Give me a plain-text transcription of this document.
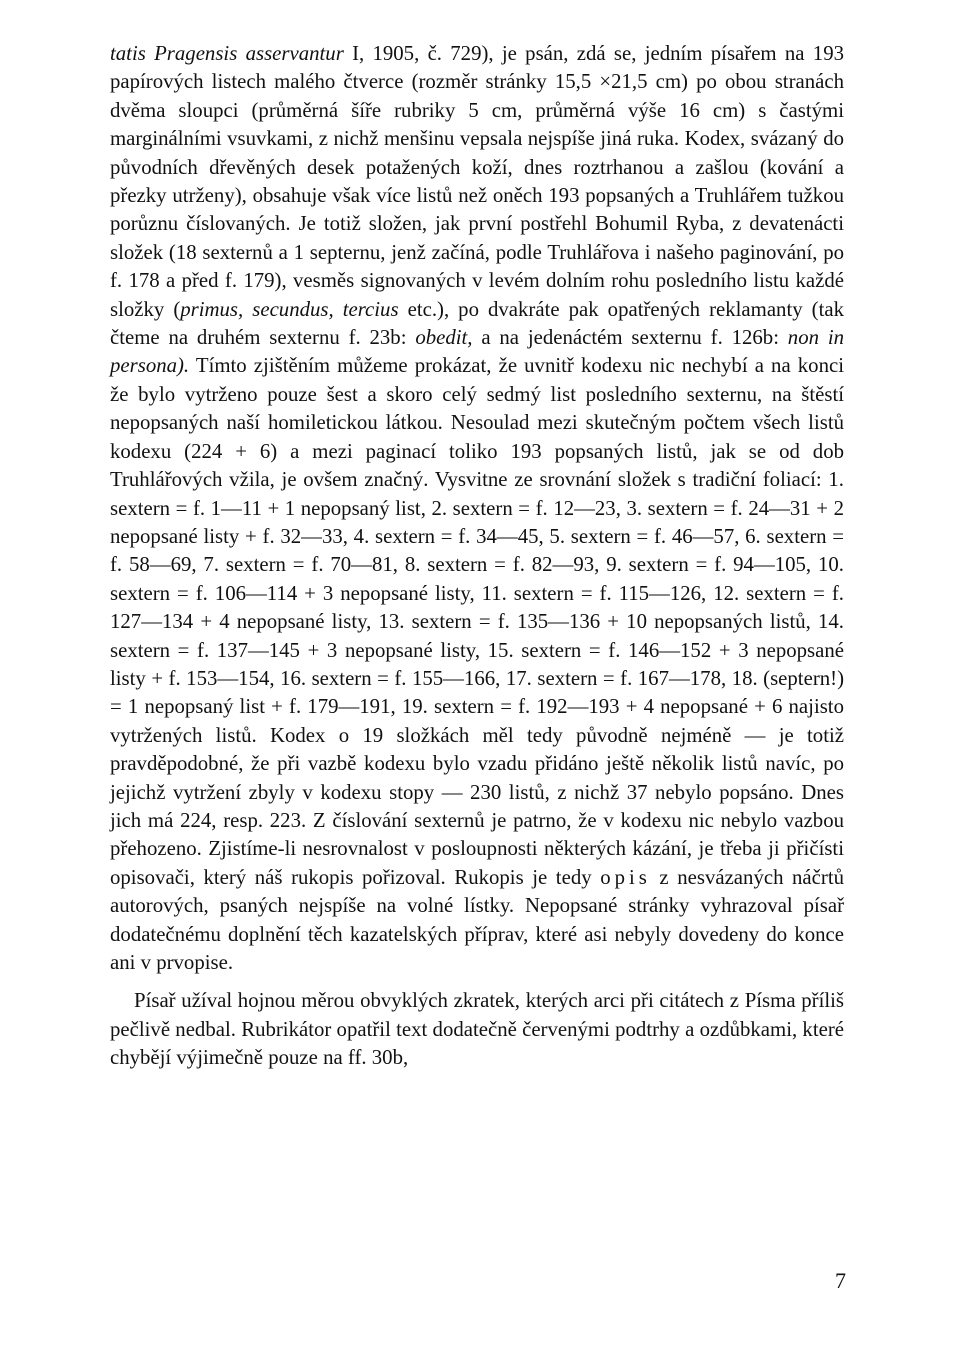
tatis Pragensis asservantur I, 1905, č. 729), je psán, zdá se, jedním písařem na 193 papírových listech malého čtverce (rozměr stránky 15,5 ×21,5 cm) po obou stranách dvěma sloupci (průměrná šíře rubriky 5 cm, průměrná výše 16 cm) s častými marginálními vsuvkami, z nichž menšinu vepsala nejspíše jiná ruka. Kodex, svázaný do původních dřevěných desek potažených koží, dnes roztrhanou a zašlou (kování a přezky utrženy), obsahuje však více listů než oněch 193 popsaných a Truhlářem tužkou porůznu číslovaných. Je totiž složen, jak první postřehl Bohumil Ryba, z devatenácti složek (18 sexternů a 1 septernu, jenž začíná, podle Truhlářova i našeho paginování, po f. 178 a před f. 179), vesměs signovaných v levém dolním rohu posledního listu každé složky (primus, secundus, tercius etc.), po dvakráte pak opatřených reklamanty (tak čteme na druhém sexternu f. 23b: obedit, a na jedenáctém sexternu f. 126b: non in persona). Tímto zjištěním můžeme prokázat, že uvnitř kodexu nic nechybí a na konci že bylo vytrženo pouze šest a skoro celý sedmý list posledního sexternu, na štěstí nepopsaných naší homiletickou látkou. Nesoulad mezi skutečným počtem všech listů kodexu (224 + 6) a mezi paginací toliko 193 popsaných listů, jak se od dob Truhlářových vžila, je ovšem značný. Vysvitne ze srovnání složek s tradiční foliací: 1. sextern = f. 1—11 + 1 nepopsaný list, 2. sextern = f. 12—23, 3. sextern = f. 24—31 + 2 nepopsané listy + f. 32—33, 4. sextern = f. 34—45, 5. sextern = f. 46—57, 6. sextern = f. 58—69, 7. sextern = f. 70—81, 8. sextern = f. 82—93, 9. sextern = f. 94—105, 10. sextern = f. 106—114 + 3 nepopsané listy, 11. sextern = f. 115—126, 12. sextern = f. 127—134 + 4 nepopsané listy, 13. sextern = f. 135—136 + 10 nepopsaných listů, 14. sextern = f. 137—145 + 3 nepopsané listy, 15. sextern = f. 146—152 + 3 nepopsané listy + f. 153—154, 16. sextern = f. 155—166, 17. sextern = f. 167—178, 18. (septern!) = 1 nepopsaný list + f. 179—191, 19. sextern = f. 192—193 + 4 nepopsané + 6 najisto vytržených listů. Kodex o 19 složkách měl tedy původně nejméně — je totiž pravděpodobné, že při vazbě kodexu bylo vzadu přidáno ještě několik listů navíc, po jejichž vytržení zbyly v kodexu stopy — 230 listů, z nichž 37 nebylo popsáno. Dnes jich má 224, resp. 223. Z číslování sexternů je patrno, že v kodexu nic nebylo vazbou přehozeno. Zjistíme-li nesrovnalost v posloupnosti některých kázání, je třeba ji přičísti opisovači, který náš rukopis pořizoval. Rukopis je tedy opis z nesvázaných náčrtů autorových, psaných nejspíše na volné lístky. Nepopsané stránky vyhrazoval písař dodatečnému doplnění těch kazatelských příprav, které asi nebyly dovedeny do konce ani v prvopise.

Písař užíval hojnou měrou obvyklých zkratek, kterých arci při citátech z Písma příliš pečlivě nedbal. Rubrikátor opatřil text dodatečně červenými podtrhy a ozdůbkami, které chybějí výjimečně pouze na ff. 30b,

7
